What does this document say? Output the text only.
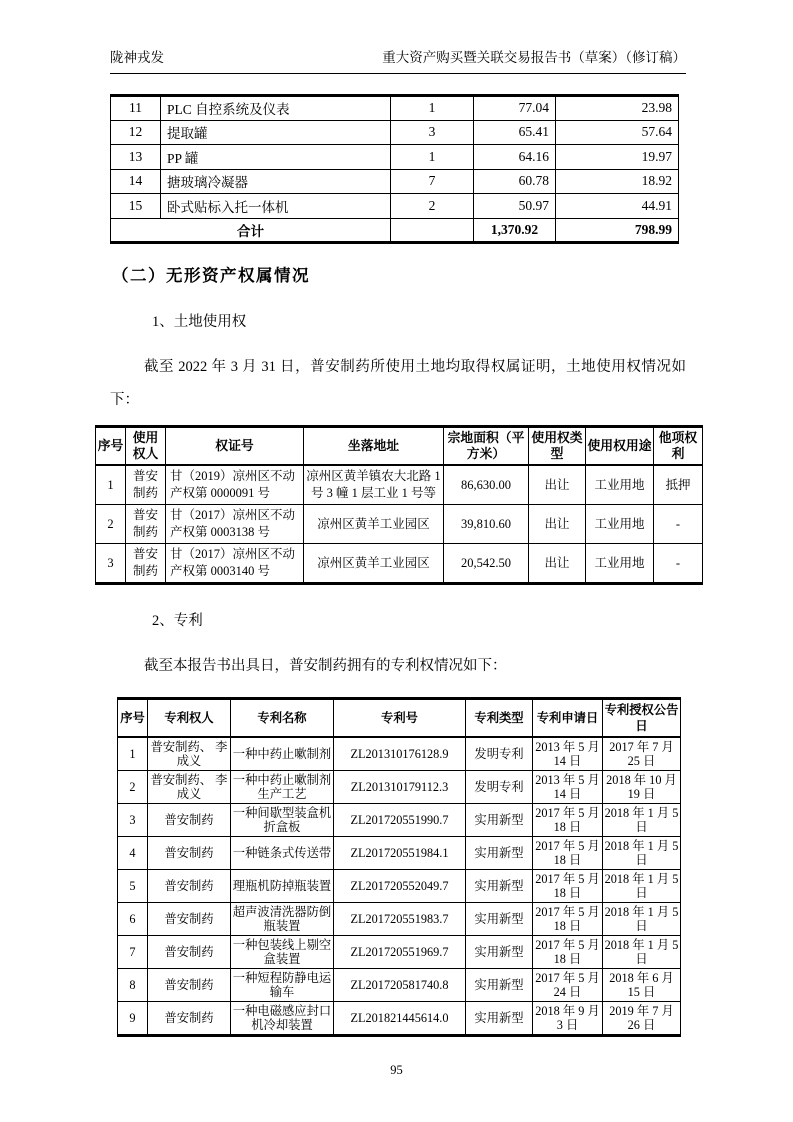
陇神戎发	重大资产购买暨关联交易报告书（草案）（修订稿）
11	PLC 自控系统及仪表	1	77.04	23.98
12	提取罐	3	65.41	57.64
13	PP 罐	1	64.16	19.97
14	搪玻璃冷凝器	7	60.78	18.92
15	卧式贴标入托一体机	2	50.97	44.91
合计			1,370.92	798.99
（二）无形资产权属情况
1、土地使用权

截至 2022 年 3 月 31 日，普安制药所使用土地均取得权属证明，土地使用权情况如下：

序号	使用权人	权证号	坐落地址	宗地面积（平方米）	使用权类型	使用权用途	他项权利
1	普安制药	甘（2019）凉州区不动产权第 0000091 号	凉州区黄羊镇农大北路 1 号 3 幢 1 层工业 1 号等	86,630.00	出让	工业用地	抵押
2	普安制药	甘（2017）凉州区不动产权第 0003138 号	凉州区黄羊工业园区	39,810.60	出让	工业用地	-
3	普安制药	甘（2017）凉州区不动产权第 0003140 号	凉州区黄羊工业园区	20,542.50	出让	工业用地	-
2、专利

截至本报告书出具日，普安制药拥有的专利权情况如下：

序号	专利权人	专利名称	专利号	专利类型	专利申请日	专利授权公告日
1	普安制药、 李成义	一种中药止嗽制剂	ZL201310176128.9	发明专利	2013 年 5 月 14 日	2017 年 7 月 25 日
2	普安制药、 李成义	一种中药止嗽制剂生产工艺	ZL201310179112.3	发明专利	2013 年 5 月 14 日	2018 年 10 月 19 日
3	普安制药	一种间歇型装盒机折盒板	ZL201720551990.7	实用新型	2017 年 5 月 18 日	2018 年 1 月 5 日
4	普安制药	一种链条式传送带	ZL201720551984.1	实用新型	2017 年 5 月 18 日	2018 年 1 月 5 日
5	普安制药	理瓶机防掉瓶装置	ZL201720552049.7	实用新型	2017 年 5 月 18 日	2018 年 1 月 5 日
6	普安制药	超声波清洗器防倒瓶装置	ZL201720551983.7	实用新型	2017 年 5 月 18 日	2018 年 1 月 5 日
7	普安制药	一种包装线上剔空盒装置	ZL201720551969.7	实用新型	2017 年 5 月 18 日	2018 年 1 月 5 日
8	普安制药	一种短程防静电运输车	ZL201720581740.8	实用新型	2017 年 5 月 24 日	2018 年 6 月 15 日
9	普安制药	一种电磁感应封口机冷却装置	ZL201821445614.0	实用新型	2018 年 9 月 3 日	2019 年 7 月 26 日
95
